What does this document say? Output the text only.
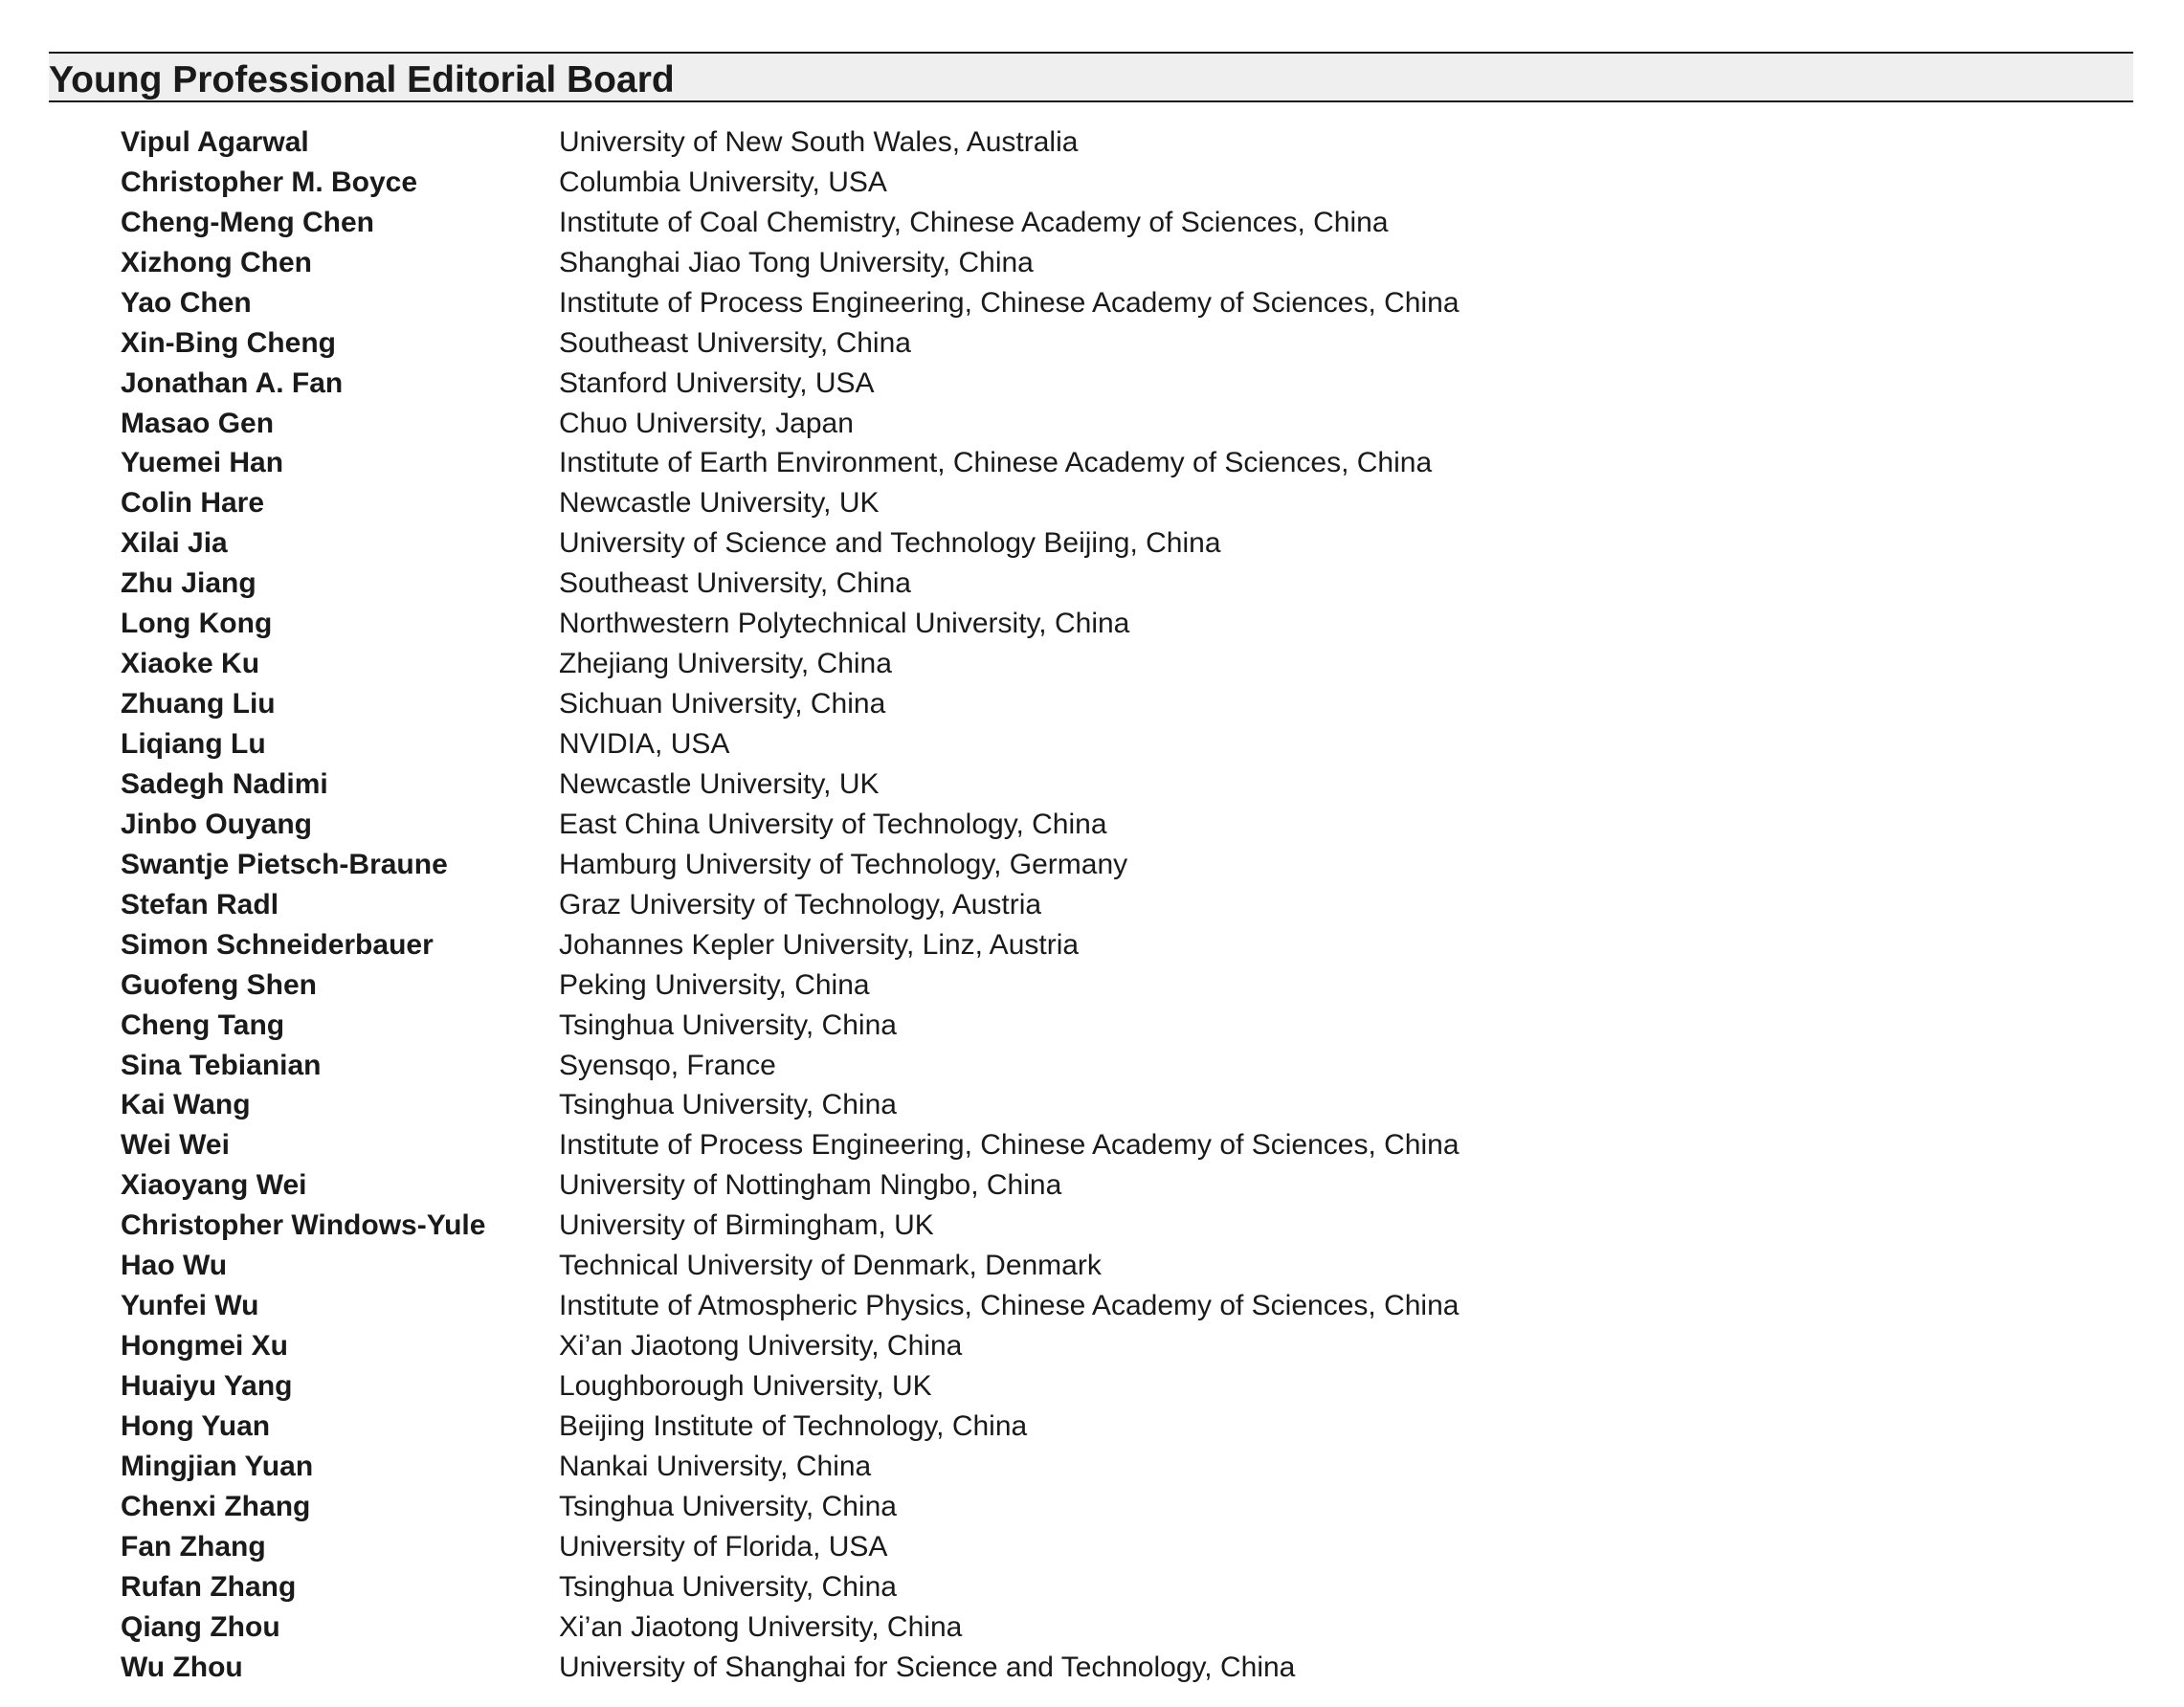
Young Professional Editorial Board
Vipul Agarwal	University of New South Wales, Australia
Christopher M. Boyce	Columbia University, USA
Cheng-Meng Chen	Institute of Coal Chemistry, Chinese Academy of Sciences, China
Xizhong Chen	Shanghai Jiao Tong University, China
Yao Chen	Institute of Process Engineering, Chinese Academy of Sciences, China
Xin-Bing Cheng	Southeast University, China
Jonathan A. Fan	Stanford University, USA
Masao Gen	Chuo University, Japan
Yuemei Han	Institute of Earth Environment, Chinese Academy of Sciences, China
Colin Hare	Newcastle University, UK
Xilai Jia	University of Science and Technology Beijing, China
Zhu Jiang	Southeast University, China
Long Kong	Northwestern Polytechnical University, China
Xiaoke Ku	Zhejiang University, China
Zhuang Liu	Sichuan University, China
Liqiang Lu	NVIDIA, USA
Sadegh Nadimi	Newcastle University, UK
Jinbo Ouyang	East China University of Technology, China
Swantje Pietsch-Braune	Hamburg University of Technology, Germany
Stefan Radl	Graz University of Technology, Austria
Simon Schneiderbauer	Johannes Kepler University, Linz, Austria
Guofeng Shen	Peking University, China
Cheng Tang	Tsinghua University, China
Sina Tebianian	Syensqo, France
Kai Wang	Tsinghua University, China
Wei Wei	Institute of Process Engineering, Chinese Academy of Sciences, China
Xiaoyang Wei	University of Nottingham Ningbo, China
Christopher Windows-Yule	University of Birmingham, UK
Hao Wu	Technical University of Denmark, Denmark
Yunfei Wu	Institute of Atmospheric Physics, Chinese Academy of Sciences, China
Hongmei Xu	Xi’an Jiaotong University, China
Huaiyu Yang	Loughborough University, UK
Hong Yuan	Beijing Institute of Technology, China
Mingjian Yuan	Nankai University, China
Chenxi Zhang	Tsinghua University, China
Fan Zhang	University of Florida, USA
Rufan Zhang	Tsinghua University, China
Qiang Zhou	Xi’an Jiaotong University, China
Wu Zhou	University of Shanghai for Science and Technology, China
